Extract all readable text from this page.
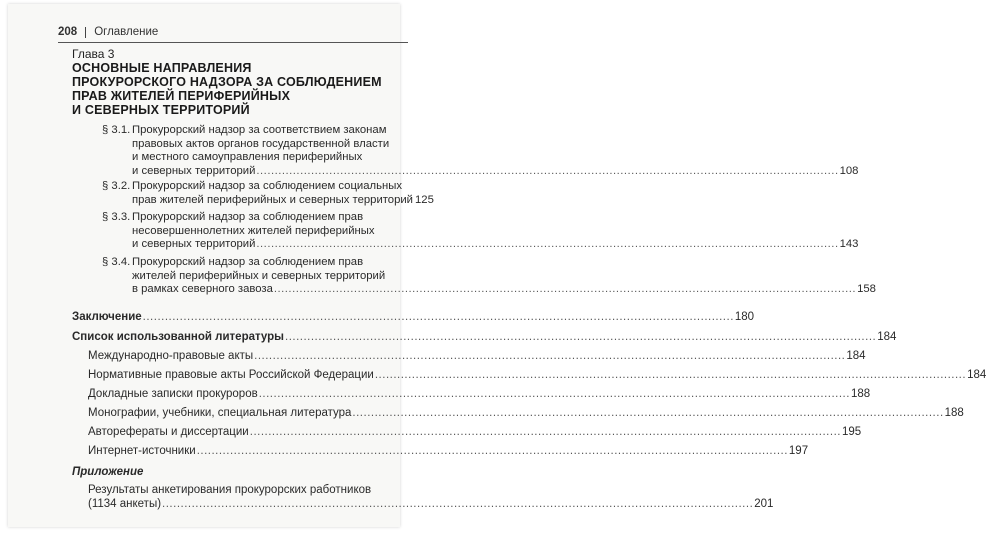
208 Оглавление
Глава 3
ОСНОВНЫЕ НАПРАВЛЕНИЯ
ПРОКУРОРСКОГО НАДЗОРА ЗА СОБЛЮДЕНИЕМ
ПРАВ ЖИТЕЛЕЙ ПЕРИФЕРИЙНЫХ
И СЕВЕРНЫХ ТЕРРИТОРИЙ
§ 3.1. Прокурорский надзор за соответствием законам
правовых актов органов государственной власти
и местного самоуправления периферийных
и северных территорий .....	108
§ 3.2. Прокурорский надзор за соблюдением социальных
прав жителей периферийных и северных территорий 125
§ 3.3. Прокурорский надзор за соблюдением прав
несовершеннолетних жителей периферийных
и северных территорий .....	143
§ 3.4. Прокурорский надзор за соблюдением прав
жителей периферийных и северных территорий
в рамках северного завоза .....	158
Заключение .....	180
Список использованной литературы .....	184
Международно-правовые акты .....	184
Нормативные правовые акты Российской Федерации .....	184
Докладные записки прокуроров .....	188
Монографии, учебники, специальная литература .....	188
Авторефераты и диссертации .....	195
Интернет-источники .....	197
Приложение
Результаты анкетирования прокурорских работников
(1134 анкеты) .....	201
